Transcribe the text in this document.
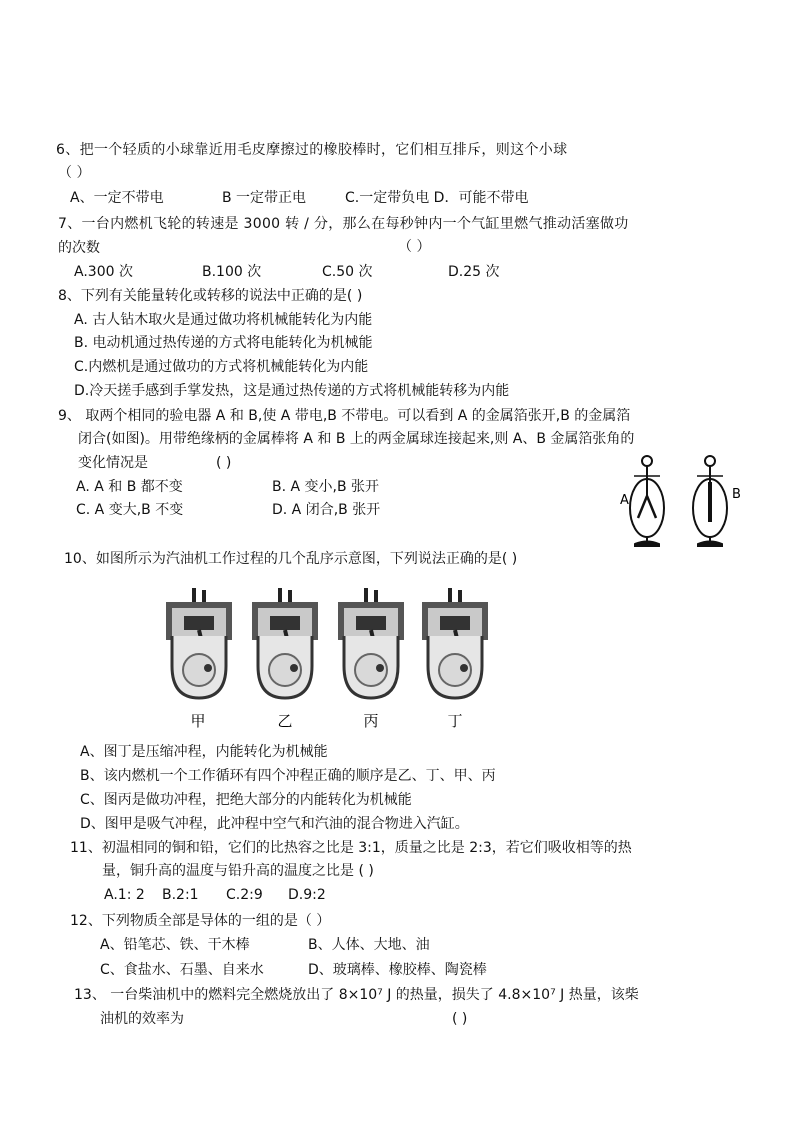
6、把一个轻质的小球靠近用毛皮摩擦过的橡胶棒时，它们相互排斥，则这个小球
（ ）
A、一定不带电	B 一定带正电	C.一定带负电 D．可能不带电
7、一台内燃机飞轮的转速是 3000 转 / 分，那么在每秒钟内一个气缸里燃气推动活塞做功
的次数	（ ）
A.300 次	B.100 次	C.50 次	D.25 次
8、下列有关能量转化或转移的说法中正确的是( )
A. 古人钻木取火是通过做功将机械能转化为内能
B. 电动机通过热传递的方式将电能转化为机械能
C.内燃机是通过做功的方式将机械能转化为内能
D.冷天搓手感到手掌发热，这是通过热传递的方式将机械能转移为内能
9、 取两个相同的验电器 A 和 B,使 A 带电,B 不带电。可以看到 A 的金属箔张开,B 的金属箔
闭合(如图)。用带绝缘柄的金属棒将 A 和 B 上的两金属球连接起来,则 A、B 金属箔张角的
变化情况是	( )
A. A 和 B 都不变	B. A 变小,B 张开
C. A 变大,B 不变	D. A 闭合,B 张开
A	B
10、如图所示为汽油机工作过程的几个乱序示意图，下列说法正确的是( )
甲	乙	丙	丁
A、图丁是压缩冲程，内能转化为机械能
B、该内燃机一个工作循环有四个冲程正确的顺序是乙、丁、甲、丙
C、图丙是做功冲程，把绝大部分的内能转化为机械能
D、图甲是吸气冲程，此冲程中空气和汽油的混合物进入汽缸。
11、初温相同的铜和铅，它们的比热容之比是 3:1，质量之比是 2:3，若它们吸收相等的热
量，铜升高的温度与铅升高的温度之比是 ( )
A.1: 2 B.2:1 C.2:9 D.9:2
12、下列物质全部是导体的一组的是（ ）
A、铅笔芯、铁、干木棒	B、人体、大地、油
C、食盐水、石墨、自来水	D、玻璃棒、橡胶棒、陶瓷棒
13、 一台柴油机中的燃料完全燃烧放出了 8×10⁷ J 的热量，损失了 4.8×10⁷ J 热量，该柴
油机的效率为	( )
